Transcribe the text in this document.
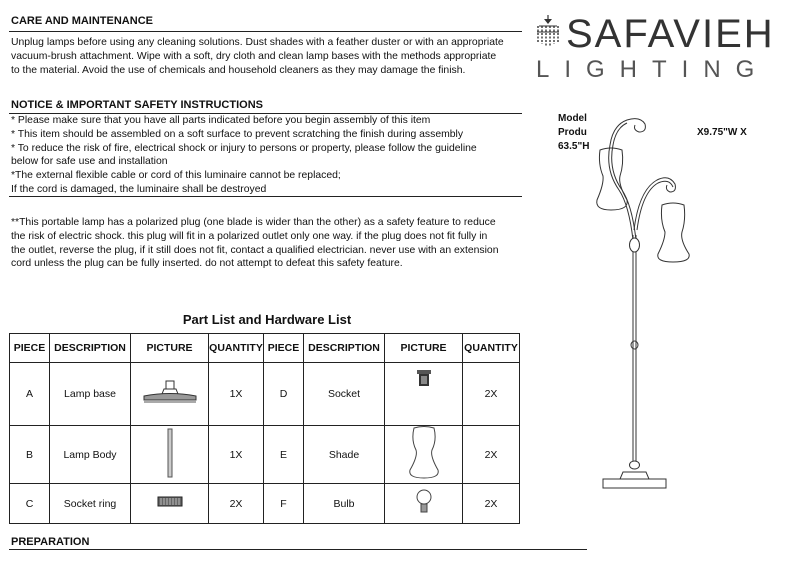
CARE AND MAINTENANCE
Unplug lamps before using any cleaning solutions. Dust shades with a feather duster or with an appropriate
vacuum-brush attachment. Wipe with a soft, dry cloth and clean lamp bases with the methods appropriate
to the material. Avoid the use of chemicals and household cleaners as they may damage the finish.
NOTICE & IMPORTANT SAFETY INSTRUCTIONS
* Please make sure that you have all parts indicated before you begin assembly of this item
* This item should be assembled on a soft surface to prevent scratching the finish during assembly
* To reduce the risk of fire, electrical shock or injury to persons or property, please follow the guideline
below for safe use and installation
*The external flexible cable or cord of this luminaire cannot be replaced;
If the cord is damaged, the luminaire shall be destroyed
**This portable lamp has a polarized plug (one blade is wider than the other) as a safety feature to reduce
the risk of electric shock. this plug will fit in a polarized outlet only one way. if the plug does not fit fully in
the outlet, reverse the plug, if it still does not fit, contact a qualified electrician. never use with an extension
cord unless the plug can be fully inserted. do not attempt to defeat this safety feature.
Part List and Hardware List
PIECE	DESCRIPTION	PICTURE	QUANTITY	PIECE	DESCRIPTION	PICTURE	QUANTITY
A	Lamp base		1X	D	Socket		2X
B	Lamp Body		1X	E	Shade		2X
C	Socket ring		2X	F	Bulb		2X
PREPARATION
SAFAVIEH
LIGHTING
Model
Produ	X9.75"W X
63.5"H
